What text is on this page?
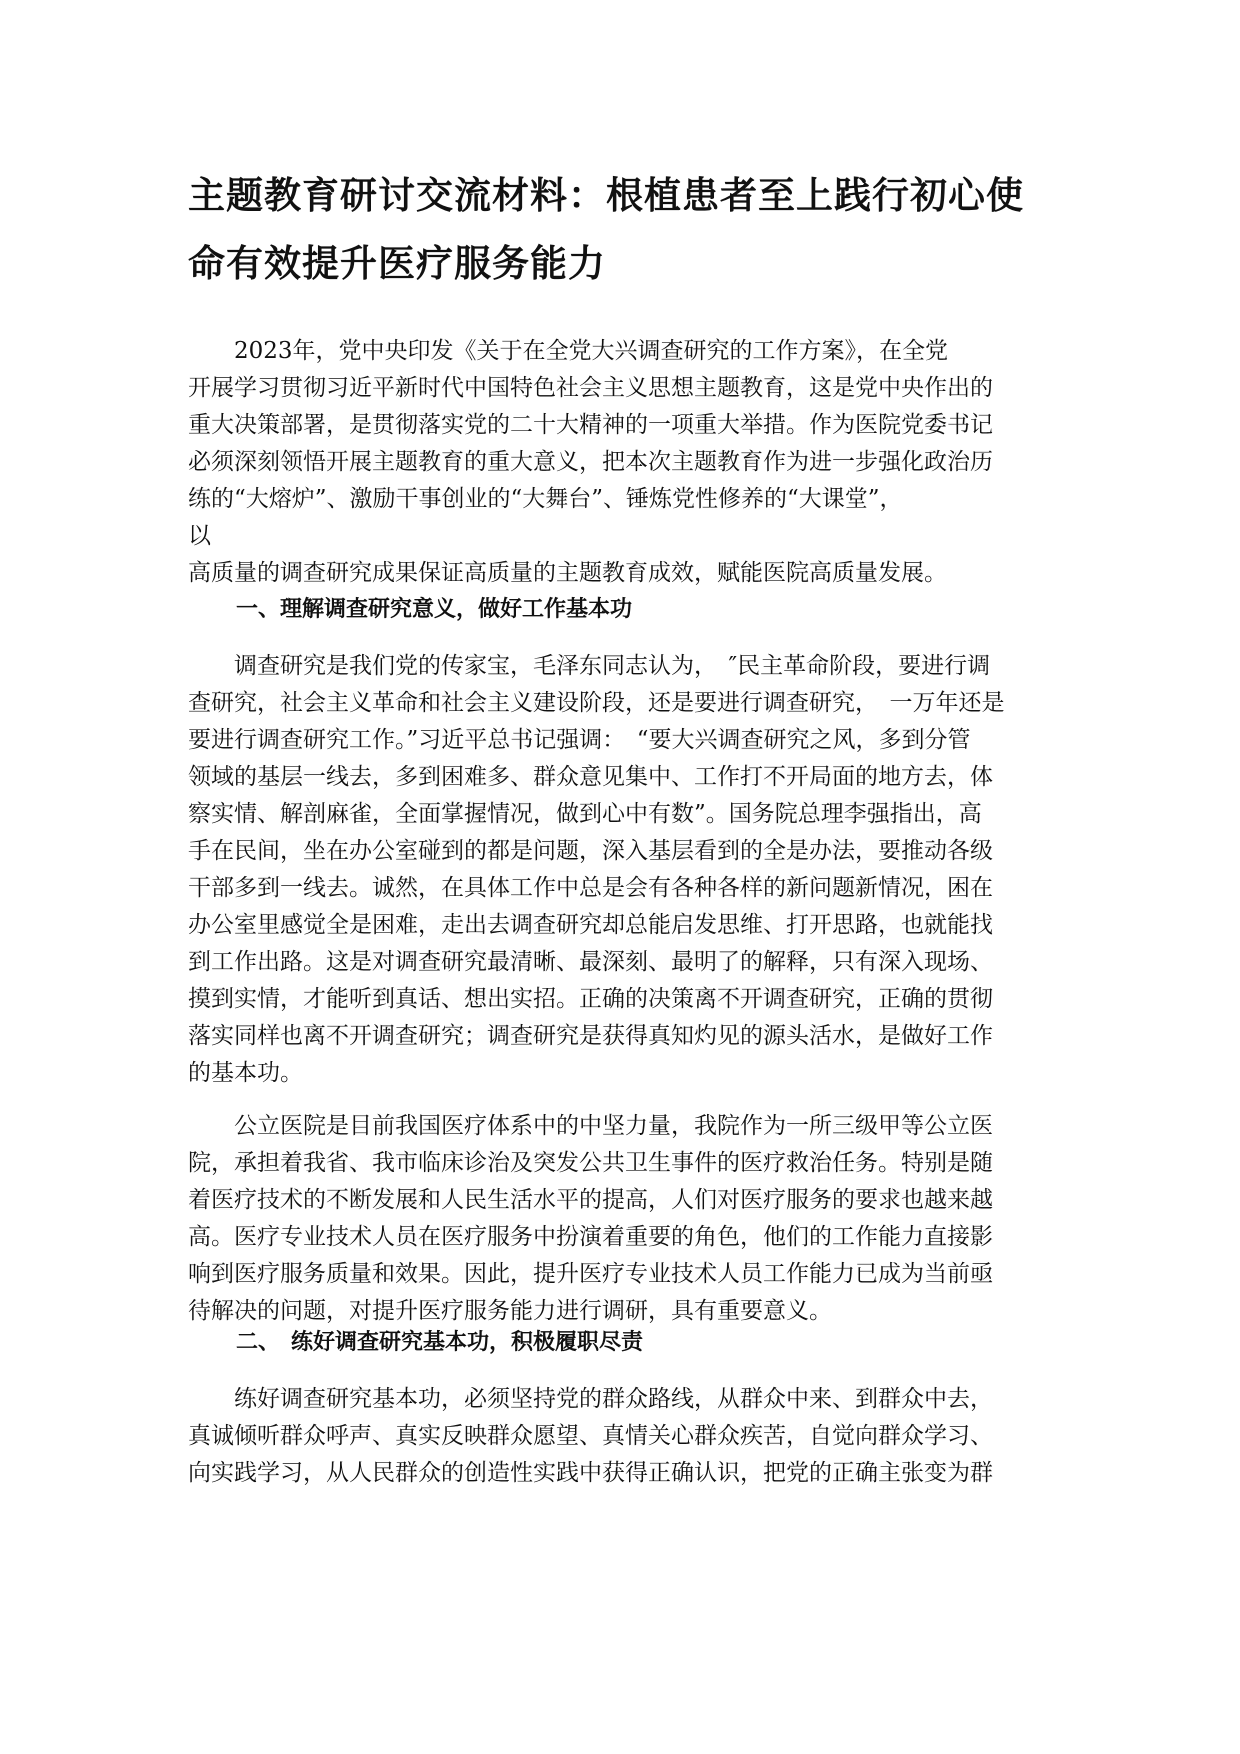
主题教育研讨交流材料：根植患者至上践行初心使
命有效提升医疗服务能力
　　2023年，党中央印发《关于在全党大兴调查研究的工作方案》，在全党
开展学习贯彻习近平新时代中国特色社会主义思想主题教育，这是党中央作出的
重大决策部署，是贯彻落实党的二十大精神的一项重大举措。作为医院党委书记
必须深刻领悟开展主题教育的重大意义，把本次主题教育作为进一步强化政治历
练的“大熔炉”、激励干事创业的“大舞台”、锤炼党性修养的“大课堂”，
以
高质量的调查研究成果保证高质量的主题教育成效，赋能医院高质量发展。
一、理解调查研究意义，做好工作基本功
　　调查研究是我们党的传家宝，毛泽东同志认为，　″民主革命阶段，要进行调
查研究，社会主义革命和社会主义建设阶段，还是要进行调查研究，　一万年还是
要进行调查研究工作。”习近平总书记强调：　“要大兴调查研究之风，多到分管
领域的基层一线去，多到困难多、群众意见集中、工作打不开局面的地方去，体
察实情、解剖麻雀，全面掌握情况，做到心中有数”。国务院总理李强指出，高
手在民间，坐在办公室碰到的都是问题，深入基层看到的全是办法，要推动各级
干部多到一线去。诚然，在具体工作中总是会有各种各样的新问题新情况，困在
办公室里感觉全是困难，走出去调查研究却总能启发思维、打开思路，也就能找
到工作出路。这是对调查研究最清晰、最深刻、最明了的解释，只有深入现场、
摸到实情，才能听到真话、想出实招。正确的决策离不开调查研究，正确的贯彻
落实同样也离不开调查研究；调查研究是获得真知灼见的源头活水，是做好工作
的基本功。
　　公立医院是目前我国医疗体系中的中坚力量，我院作为一所三级甲等公立医
院，承担着我省、我市临床诊治及突发公共卫生事件的医疗救治任务。特别是随
着医疗技术的不断发展和人民生活水平的提高，人们对医疗服务的要求也越来越
高。医疗专业技术人员在医疗服务中扮演着重要的角色，他们的工作能力直接影
响到医疗服务质量和效果。因此，提升医疗专业技术人员工作能力已成为当前亟
待解决的问题，对提升医疗服务能力进行调研，具有重要意义。
二、　练好调查研究基本功，积极履职尽责
　　练好调查研究基本功，必须坚持党的群众路线，从群众中来、到群众中去，
真诚倾听群众呼声、真实反映群众愿望、真情关心群众疾苦，自觉向群众学习、
向实践学习，从人民群众的创造性实践中获得正确认识，把党的正确主张变为群
